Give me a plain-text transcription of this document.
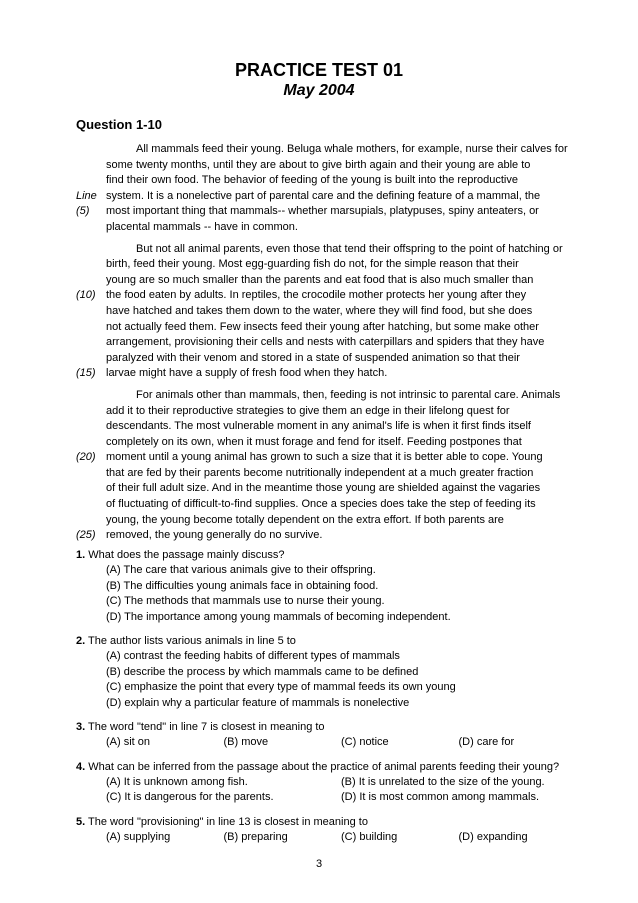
PRACTICE TEST 01
May 2004
Question 1-10
All mammals feed their young. Beluga whale mothers, for example, nurse their calves for
some twenty months, until they are about to give birth again and their young are able to
find their own food. The behavior of feeding of the young is built into the reproductive
system. It is a nonelective part of parental care and the defining feature of a mammal, the
Line
most important thing that mammals-- whether marsupials, platypuses, spiny anteaters, or
(5)
placental mammals -- have in common.
But not all animal parents, even those that tend their offspring to the point of hatching or
birth, feed their young. Most egg-guarding fish do not, for the simple reason that their
young are so much smaller than the parents and eat food that is also much smaller than
the food eaten by adults. In reptiles, the crocodile mother protects her young after they
(10)
have hatched and takes them down to the water, where they will find food, but she does
not actually feed them. Few insects feed their young after hatching, but some make other
arrangement, provisioning their cells and nests with caterpillars and spiders that they have
paralyzed with their venom and stored in a state of suspended animation so that their
larvae might have a supply of fresh food when they hatch.
(15)
For animals other than mammals, then, feeding is not intrinsic to parental care. Animals
add it to their reproductive strategies to give them an edge in their lifelong quest for
descendants. The most vulnerable moment in any animal's life is when it first finds itself
completely on its own, when it must forage and fend for itself. Feeding postpones that
moment until a young animal has grown to such a size that it is better able to cope. Young
(20)
that are fed by their parents become nutritionally independent at a much greater fraction
of their full adult size. And in the meantime those young are shielded against the vagaries
of fluctuating of difficult-to-find supplies. Once a species does take the step of feeding its
young, the young become totally dependent on the extra effort. If both parents are
removed, the young generally do no survive.
(25)
1. What does the passage mainly discuss?
(A) The care that various animals give to their offspring.
(B) The difficulties young animals face in obtaining food.
(C) The methods that mammals use to nurse their young.
(D) The importance among young mammals of becoming independent.
2. The author lists various animals in line 5 to
(A) contrast the feeding habits of different types of mammals
(B) describe the process by which mammals came to be defined
(C) emphasize the point that every type of mammal feeds its own young
(D) explain why a particular feature of mammals is nonelective
3. The word "tend" in line 7 is closest in meaning to
(A) sit on	(B) move	(C) notice	(D) care for
4. What can be inferred from the passage about the practice of animal parents feeding their young?
(A) It is unknown among fish.	(B) It is unrelated to the size of the young.
(C) It is dangerous for the parents.	(D) It is most common among mammals.
5. The word "provisioning" in line 13 is closest in meaning to
(A) supplying	(B) preparing	(C) building	(D) expanding
3
